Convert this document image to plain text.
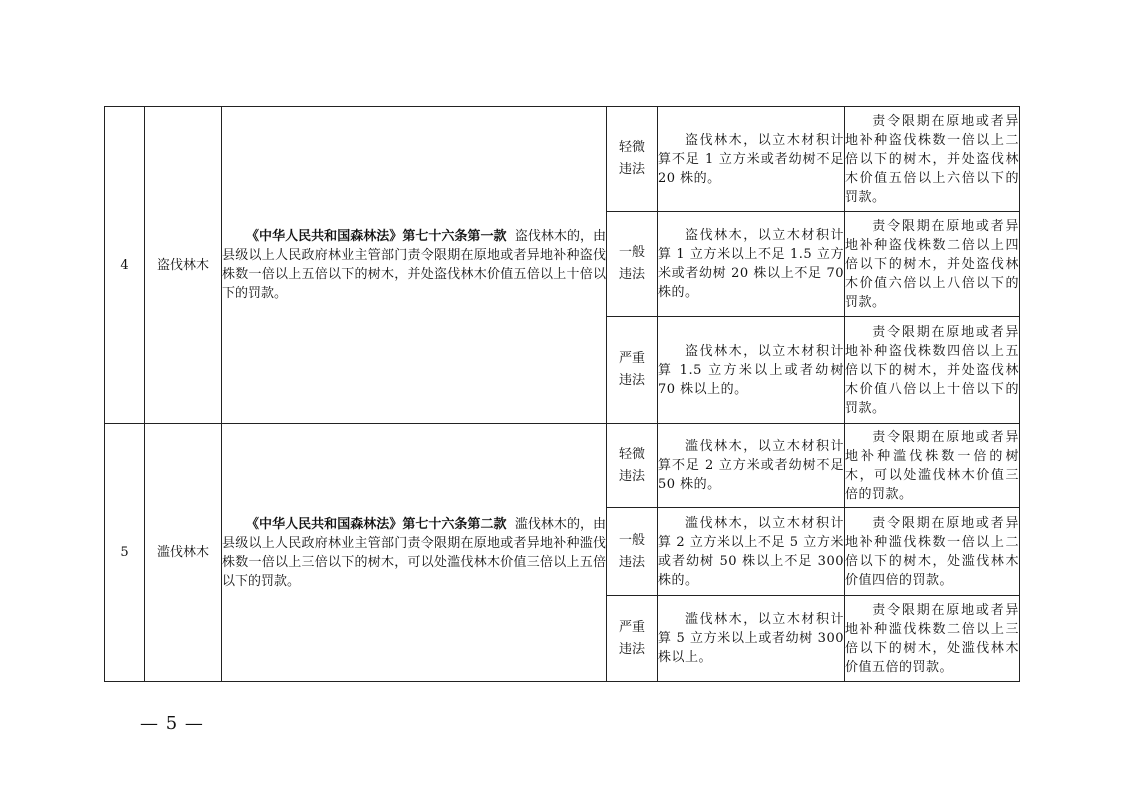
4	盗伐林木	《中华人民共和国森林法》第七十六条第一款 盗伐林木的，由县级以上人民政府林业主管部门责令限期在原地或者异地补种盗伐株数一倍以上五倍以下的树木，并处盗伐林木价值五倍以上十倍以下的罚款。	轻微违法	盗伐林木，以立木材积计算不足 1 立方米或者幼树不足 20 株的。	责令限期在原地或者异地补种盗伐株数一倍以上二倍以下的树木，并处盗伐林木价值五倍以上六倍以下的罚款。
			一般违法	盗伐林木，以立木材积计算 1 立方米以上不足 1.5 立方米或者幼树 20 株以上不足 70 株的。	责令限期在原地或者异地补种盗伐株数二倍以上四倍以下的树木，并处盗伐林木价值六倍以上八倍以下的罚款。
			严重违法	盗伐林木，以立木材积计算 1.5 立方米以上或者幼树 70 株以上的。	责令限期在原地或者异地补种盗伐株数四倍以上五倍以下的树木，并处盗伐林木价值八倍以上十倍以下的罚款。
5	滥伐林木	《中华人民共和国森林法》第七十六条第二款 滥伐林木的，由县级以上人民政府林业主管部门责令限期在原地或者异地补种滥伐株数一倍以上三倍以下的树木，可以处滥伐林木价值三倍以上五倍以下的罚款。	轻微违法	滥伐林木，以立木材积计算不足 2 立方米或者幼树不足 50 株的。	责令限期在原地或者异地补种滥伐株数一倍的树木，可以处滥伐林木价值三倍的罚款。
			一般违法	滥伐林木，以立木材积计算 2 立方米以上不足 5 立方米或者幼树 50 株以上不足 300 株的。	责令限期在原地或者异地补种滥伐株数一倍以上二倍以下的树木，处滥伐林木价值四倍的罚款。
			严重违法	滥伐林木，以立木材积计算 5 立方米以上或者幼树 300 株以上。	责令限期在原地或者异地补种滥伐株数二倍以上三倍以下的树木，处滥伐林木价值五倍的罚款。
— 5 —
